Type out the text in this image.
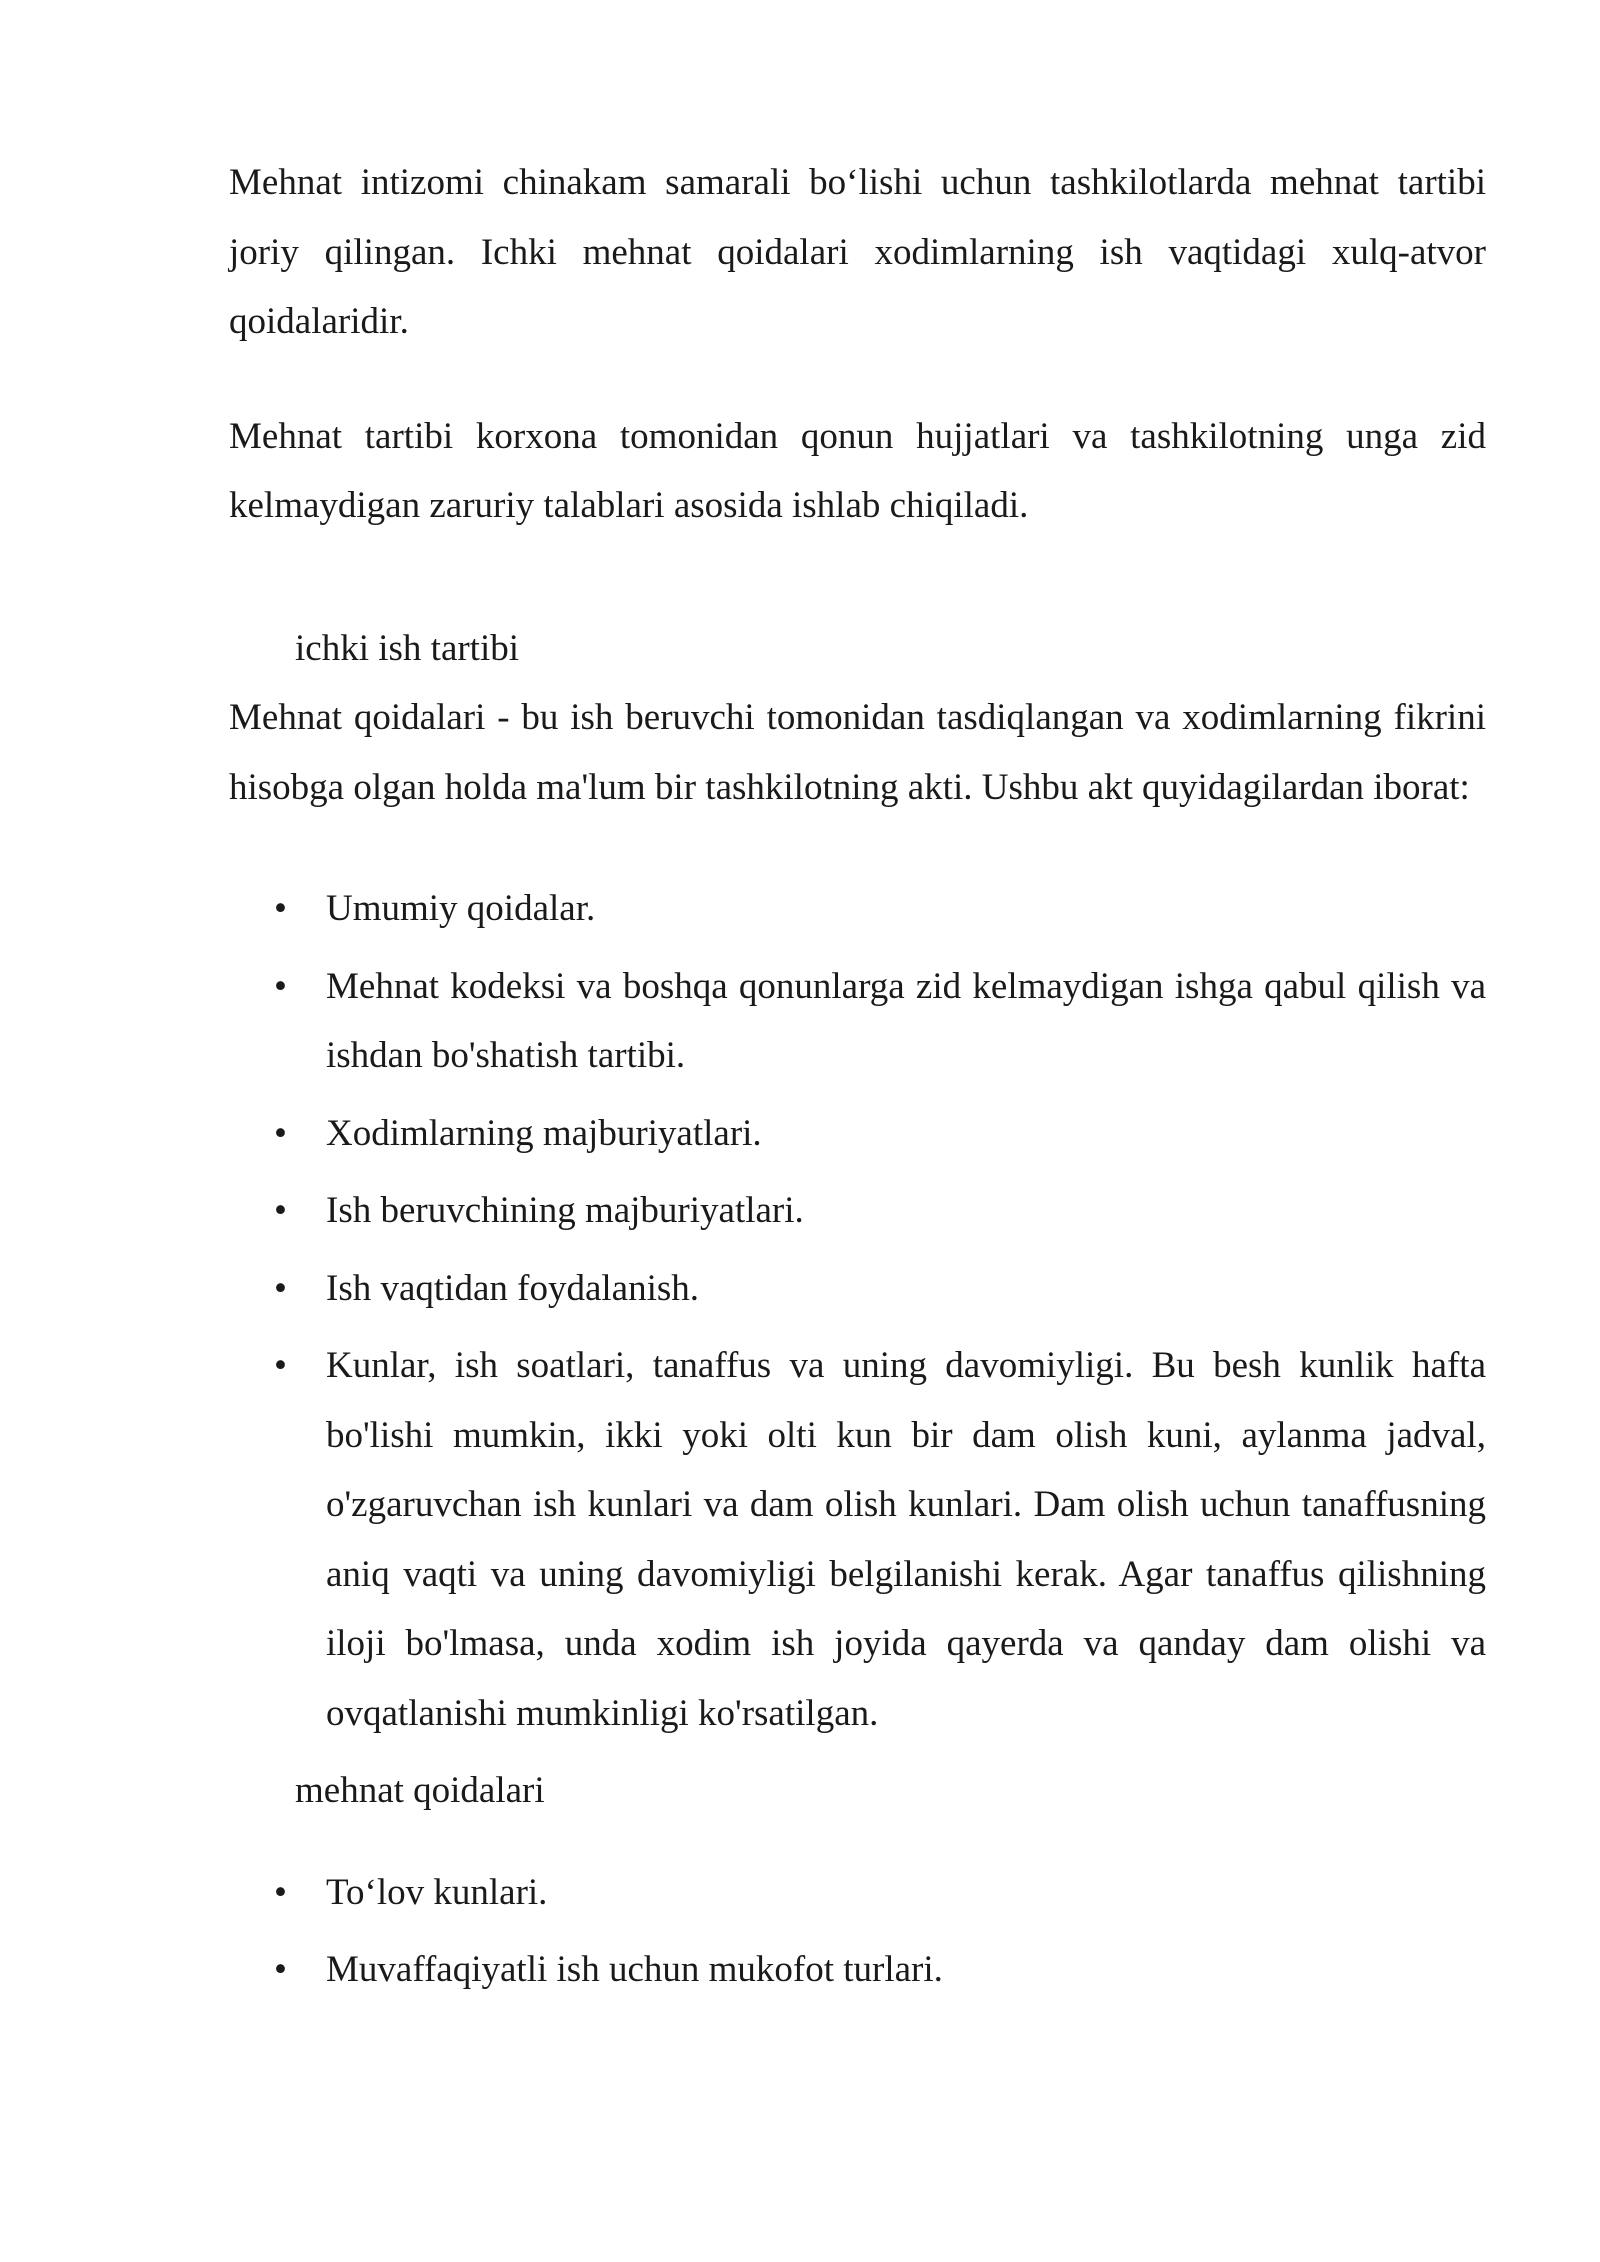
Mehnat intizomi chinakam samarali bo‘lishi uchun tashkilotlarda mehnat tartibi joriy qilingan. Ichki mehnat qoidalari xodimlarning ish vaqtidagi xulq-atvor qoidalaridir.

Mehnat tartibi korxona tomonidan qonun hujjatlari va tashkilotning unga zid kelmaydigan zaruriy talablari asosida ishlab chiqiladi.

ichki ish tartibi

Mehnat qoidalari - bu ish beruvchi tomonidan tasdiqlangan va xodimlarning fikrini hisobga olgan holda ma'lum bir tashkilotning akti. Ushbu akt quyidagilardan iborat:

• Umumiy qoidalar.
• Mehnat kodeksi va boshqa qonunlarga zid kelmaydigan ishga qabul qilish va ishdan bo'shatish tartibi.
• Xodimlarning majburiyatlari.
• Ish beruvchining majburiyatlari.
• Ish vaqtidan foydalanish.
• Kunlar, ish soatlari, tanaffus va uning davomiyligi. Bu besh kunlik hafta bo'lishi mumkin, ikki yoki olti kun bir dam olish kuni, aylanma jadval, o'zgaruvchan ish kunlari va dam olish kunlari. Dam olish uchun tanaffusning aniq vaqti va uning davomiyligi belgilanishi kerak. Agar tanaffus qilishning iloji bo'lmasa, unda xodim ish joyida qayerda va qanday dam olishi va ovqatlanishi mumkinligi ko'rsatilgan.

mehnat qoidalari

• To‘lov kunlari.
• Muvaffaqiyatli ish uchun mukofot turlari.
